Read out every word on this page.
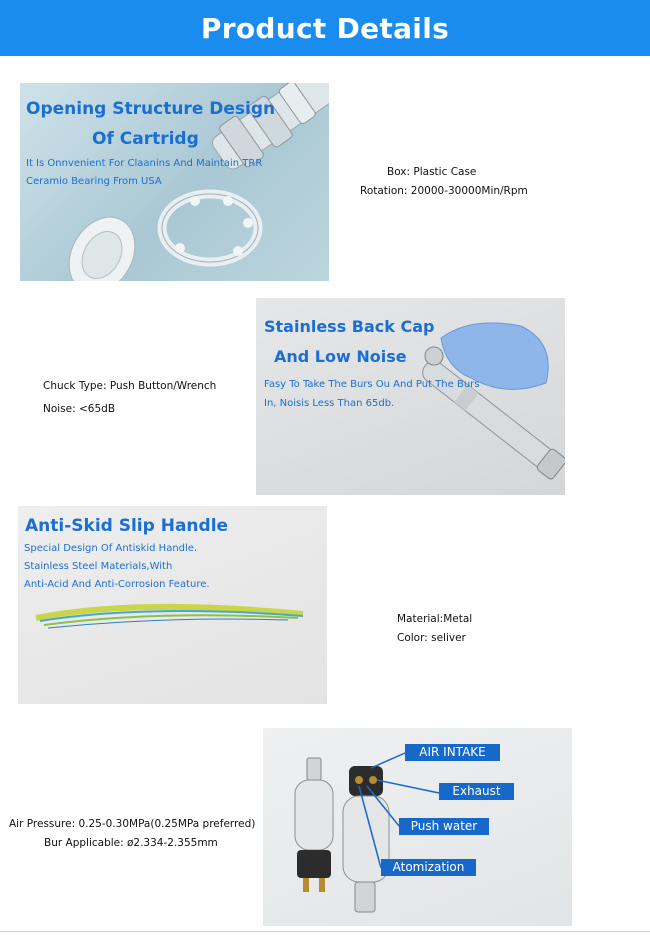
Product Details
Opening Structure Design
Of Cartridg
It Is Onnvenient For Claanins And Maintain TRR
Ceramio Bearing From USA
Box: Plastic Case
Rotation: 20000-30000Min/Rpm
Chuck Type: Push Button/Wrench
Noise: <65dB
Stainless Back Cap
And Low Noise
Fasy To Take The Burs Ou And Put The Burs
In, Noisis Less Than 65db.
Anti-Skid Slip Handle
Special Design Of Antiskid Handle.
Stainless Steel Materials,With
Anti-Acid And Anti-Corrosion Feature.
Material:Metal
Color: seliver
Air Pressure: 0.25-0.30MPa(0.25MPa preferred)
Bur Applicable: ø2.334-2.355mm
AIR INTAKE
Exhaust
Push water
Atomization
